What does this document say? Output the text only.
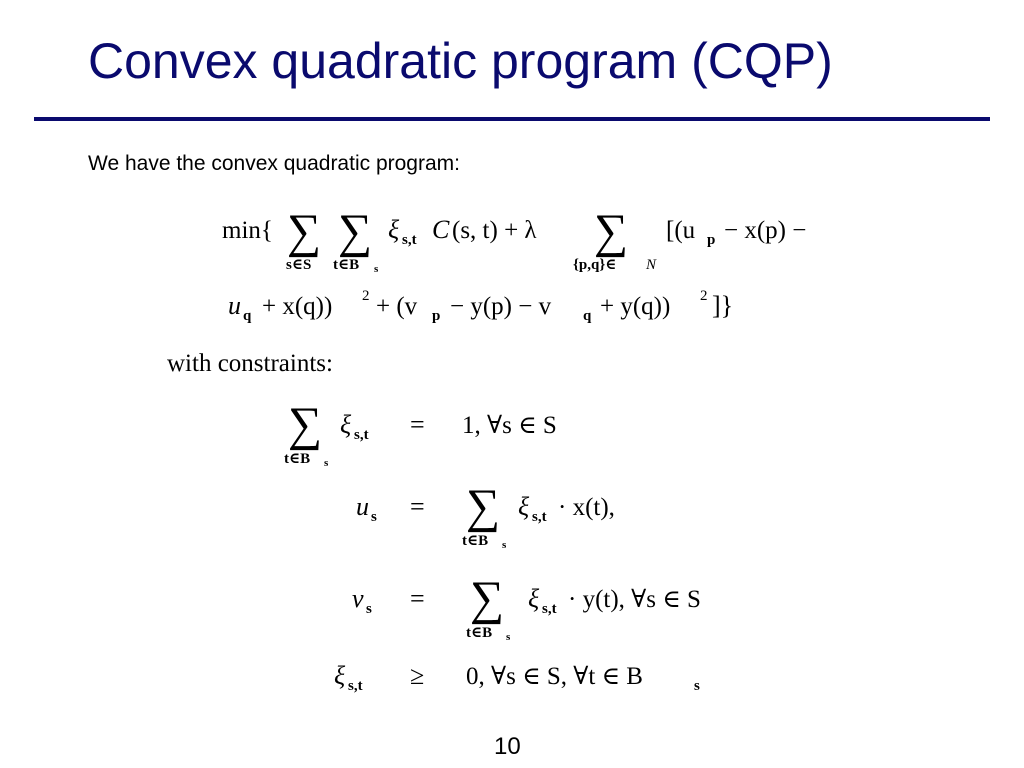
Convex quadratic program (CQP)
We have the convex quadratic program:
min{ ∑ ∑
s∈S t∈B s
ξ s,t C (s, t) + λ ∑
{p,q}∈ N
[(u p − x(p) −
u q + x(q)) 2 + (v p − y(p) − v q + y(q)) 2 ]}
with constraints:
∑
t∈B s
ξ s,t = 1, ∀s ∈ S
u s = ∑
t∈B s
ξ s,t · x(t),
v s = ∑
t∈B s
ξ s,t · y(t), ∀s ∈ S
ξ s,t ≥ 0, ∀s ∈ S, ∀t ∈ B	s
10
